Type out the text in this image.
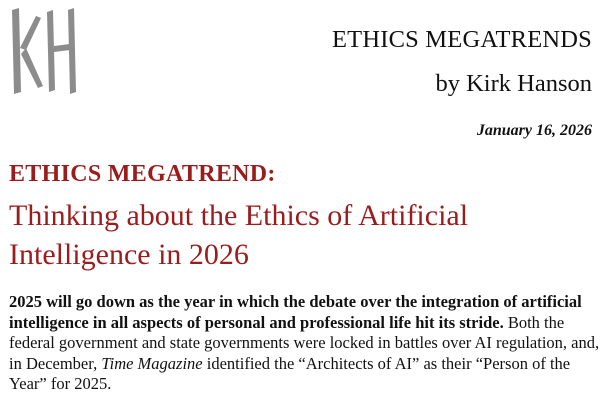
ETHICS MEGATRENDS
by Kirk Hanson
January 16, 2026
ETHICS MEGATREND:
Thinking about the Ethics of Artificial Intelligence in 2026

2025 will go down as the year in which the debate over the integration of artificial intelligence in all aspects of personal and professional life hit its stride. Both the federal government and state governments were locked in battles over AI regulation, and, in December, Time Magazine identified the “Architects of AI” as their “Person of the Year” for 2025.
